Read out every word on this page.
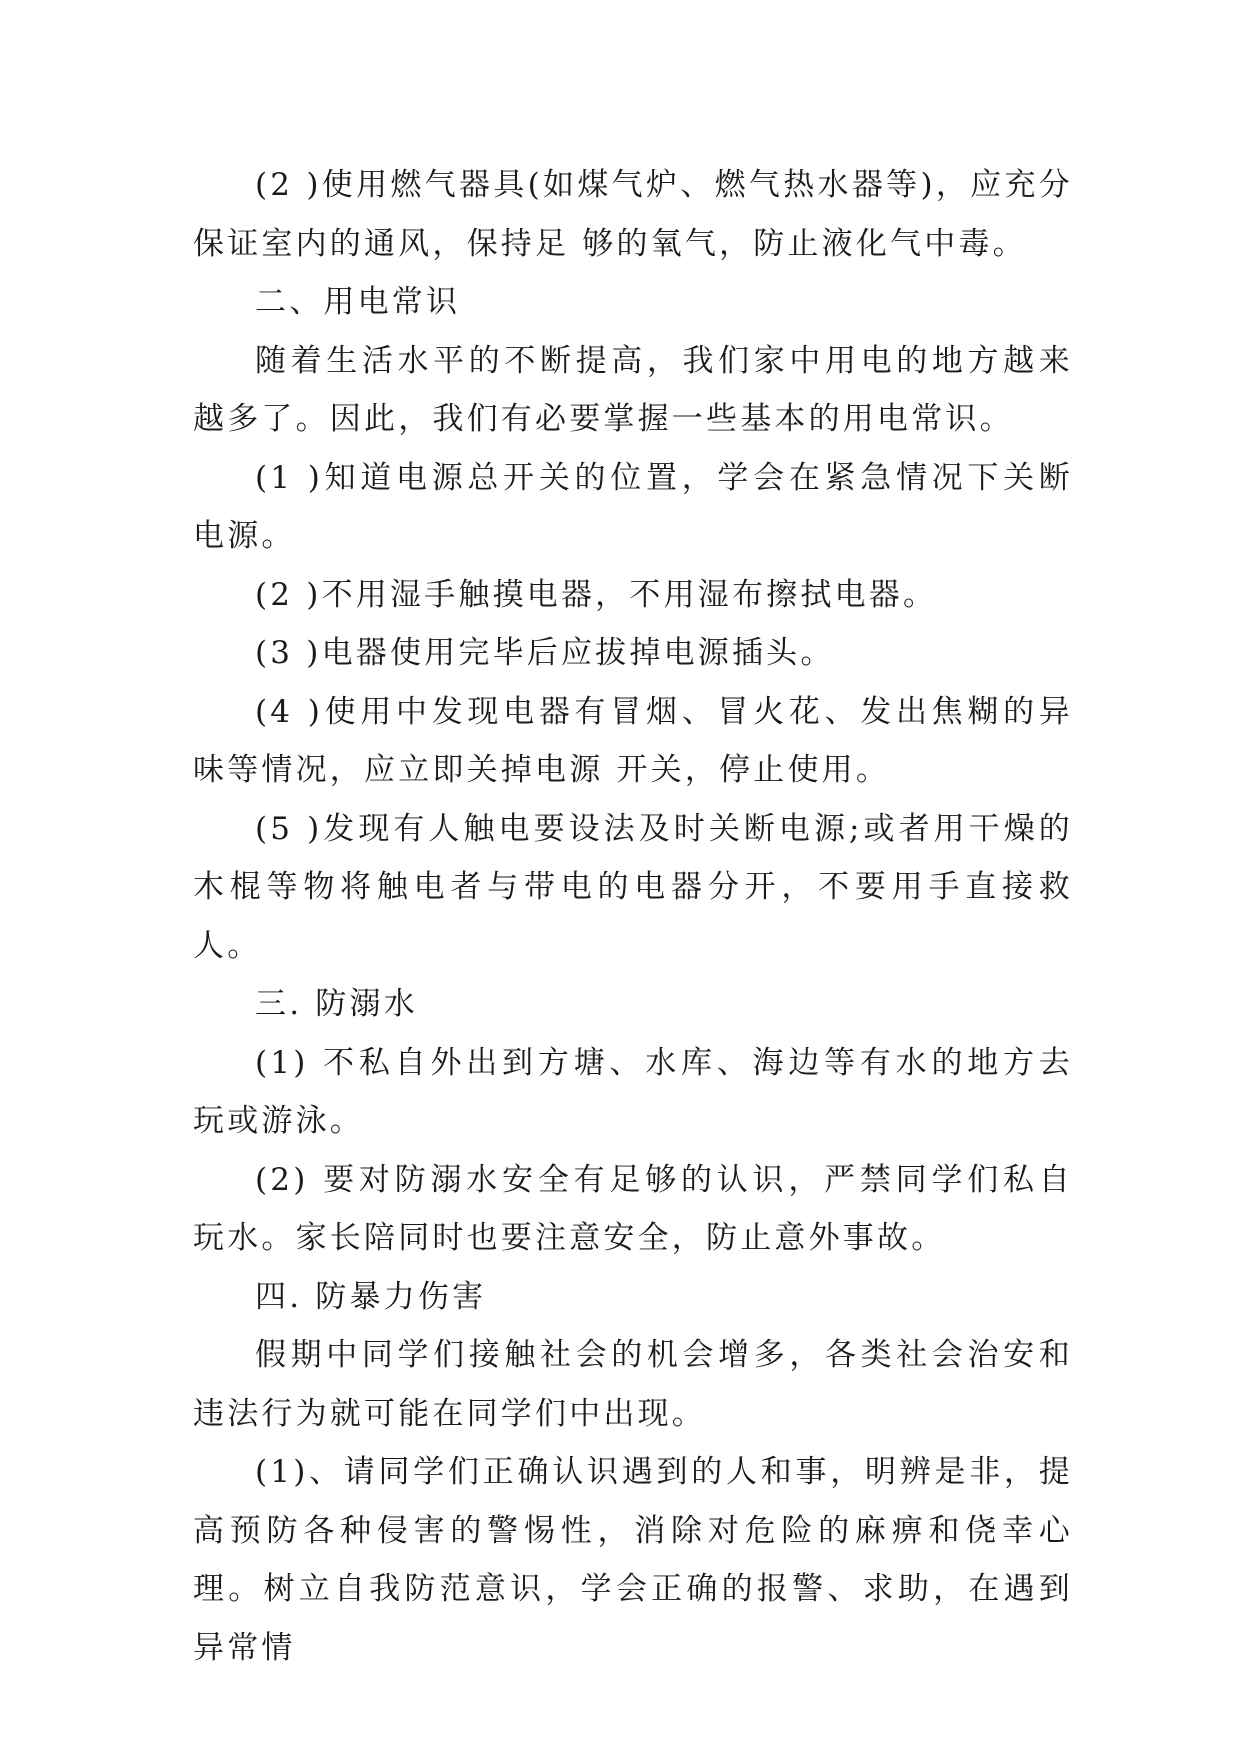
(2 )使用燃气器具(如煤气炉、燃气热水器等)，应充分保证室内的通风，保持足 够的氧气，防止液化气中毒。

二、用电常识

随着生活水平的不断提高，我们家中用电的地方越来越多了。因此，我们有必要掌握一些基本的用电常识。

(1 )知道电源总开关的位置，学会在紧急情况下关断电源。

(2 )不用湿手触摸电器，不用湿布擦拭电器。

(3 )电器使用完毕后应拔掉电源插头。

(4 )使用中发现电器有冒烟、冒火花、发出焦糊的异味等情况，应立即关掉电源 开关，停止使用。

(5 )发现有人触电要设法及时关断电源;或者用干燥的木棍等物将触电者与带电的电器分开，不要用手直接救人。

三. 防溺水

(1) 不私自外出到方塘、水库、海边等有水的地方去玩或游泳。

(2) 要对防溺水安全有足够的认识，严禁同学们私自玩水。家长陪同时也要注意安全，防止意外事故。

四. 防暴力伤害

假期中同学们接触社会的机会增多，各类社会治安和违法行为就可能在同学们中出现。

(1)、请同学们正确认识遇到的人和事，明辨是非，提高预防各种侵害的警惕性，消除对危险的麻痹和侥幸心理。树立自我防范意识，学会正确的报警、求助，在遇到异常情
